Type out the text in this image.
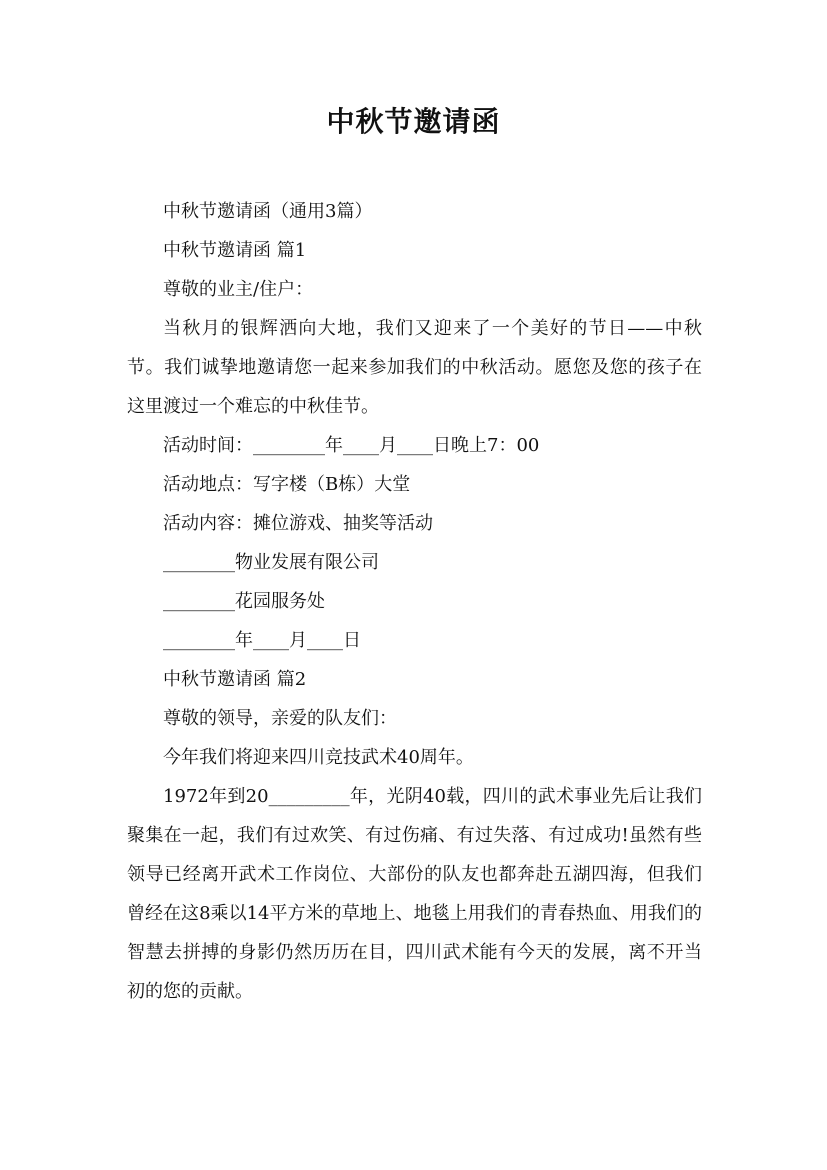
中秋节邀请函

中秋节邀请函（通用3篇）

中秋节邀请函 篇1

尊敬的业主/住户：

当秋月的银辉洒向大地，我们又迎来了一个美好的节日——中秋节。我们诚挚地邀请您一起来参加我们的中秋活动。愿您及您的孩子在这里渡过一个难忘的中秋佳节。

活动时间：________年____月____日晚上7：00

活动地点：写字楼（B栋）大堂

活动内容：摊位游戏、抽奖等活动

________物业发展有限公司

________花园服务处

________年____月____日

中秋节邀请函 篇2

尊敬的领导，亲爱的队友们：

今年我们将迎来四川竞技武术40周年。

1972年到20_________年，光阴40载，四川的武术事业先后让我们聚集在一起，我们有过欢笑、有过伤痛、有过失落、有过成功!虽然有些领导已经离开武术工作岗位、大部份的队友也都奔赴五湖四海，但我们曾经在这8乘以14平方米的草地上、地毯上用我们的青春热血、用我们的智慧去拼搏的身影仍然历历在目，四川武术能有今天的发展，离不开当初的您的贡献。
